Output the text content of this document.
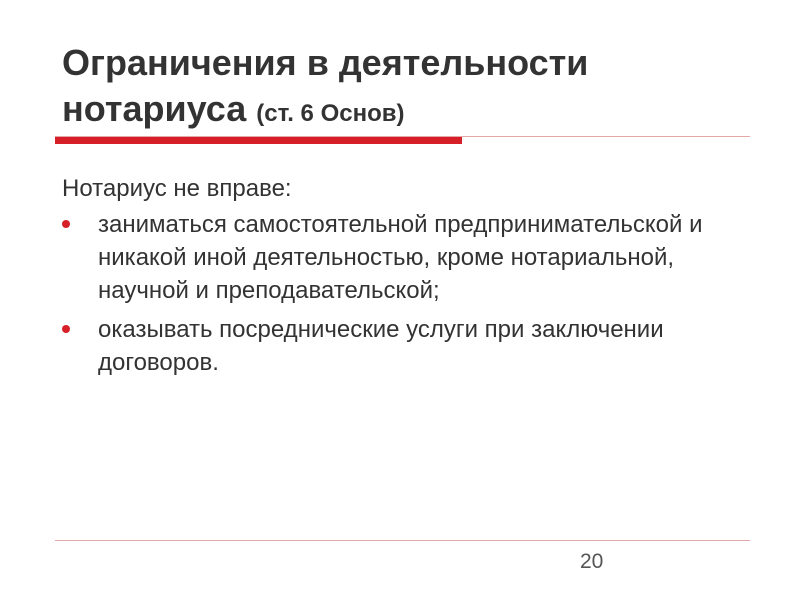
Ограничения в деятельности нотариуса (ст. 6 Основ)

Нотариус не вправе:

заниматься самостоятельной предпринимательской и никакой иной деятельностью, кроме нотариальной, научной и преподавательской;
оказывать посреднические услуги при заключении договоров.
20
